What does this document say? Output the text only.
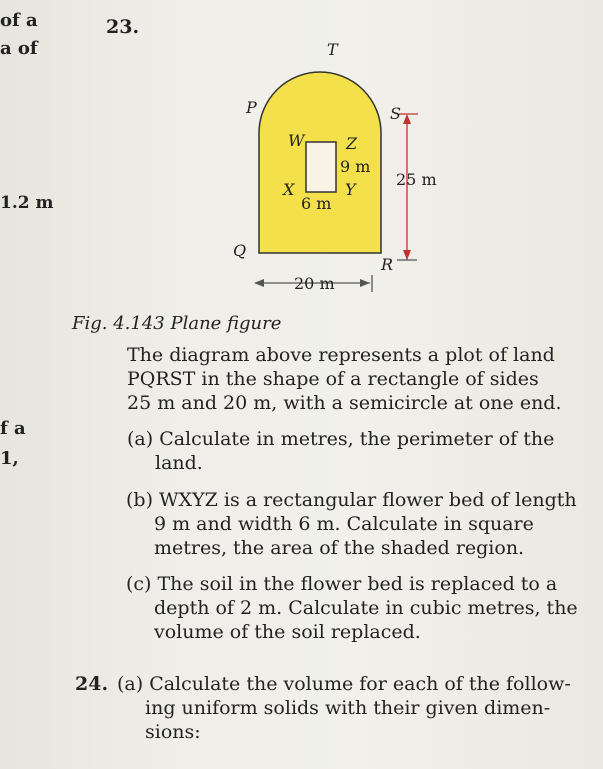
of a
a of
1.2 m
f a
1,
23.
T
P	S
W	Z
9 m
X	Y
6 m
25 m
Q
R
20 m
Fig. 4.143 Plane figure
The diagram above represents a plot of land
PQRST in the shape of a rectangle of sides
25 m and 20 m, with a semicircle at one end.
(a) Calculate in metres, the perimeter of the
land.
(b) WXYZ is a rectangular flower bed of length
9 m and width 6 m. Calculate in square
metres, the area of the shaded region.
(c) The soil in the flower bed is replaced to a
depth of 2 m. Calculate in cubic metres, the
volume of the soil replaced.
24. (a) Calculate the volume for each of the follow-
ing uniform solids with their given dimen-
sions:
